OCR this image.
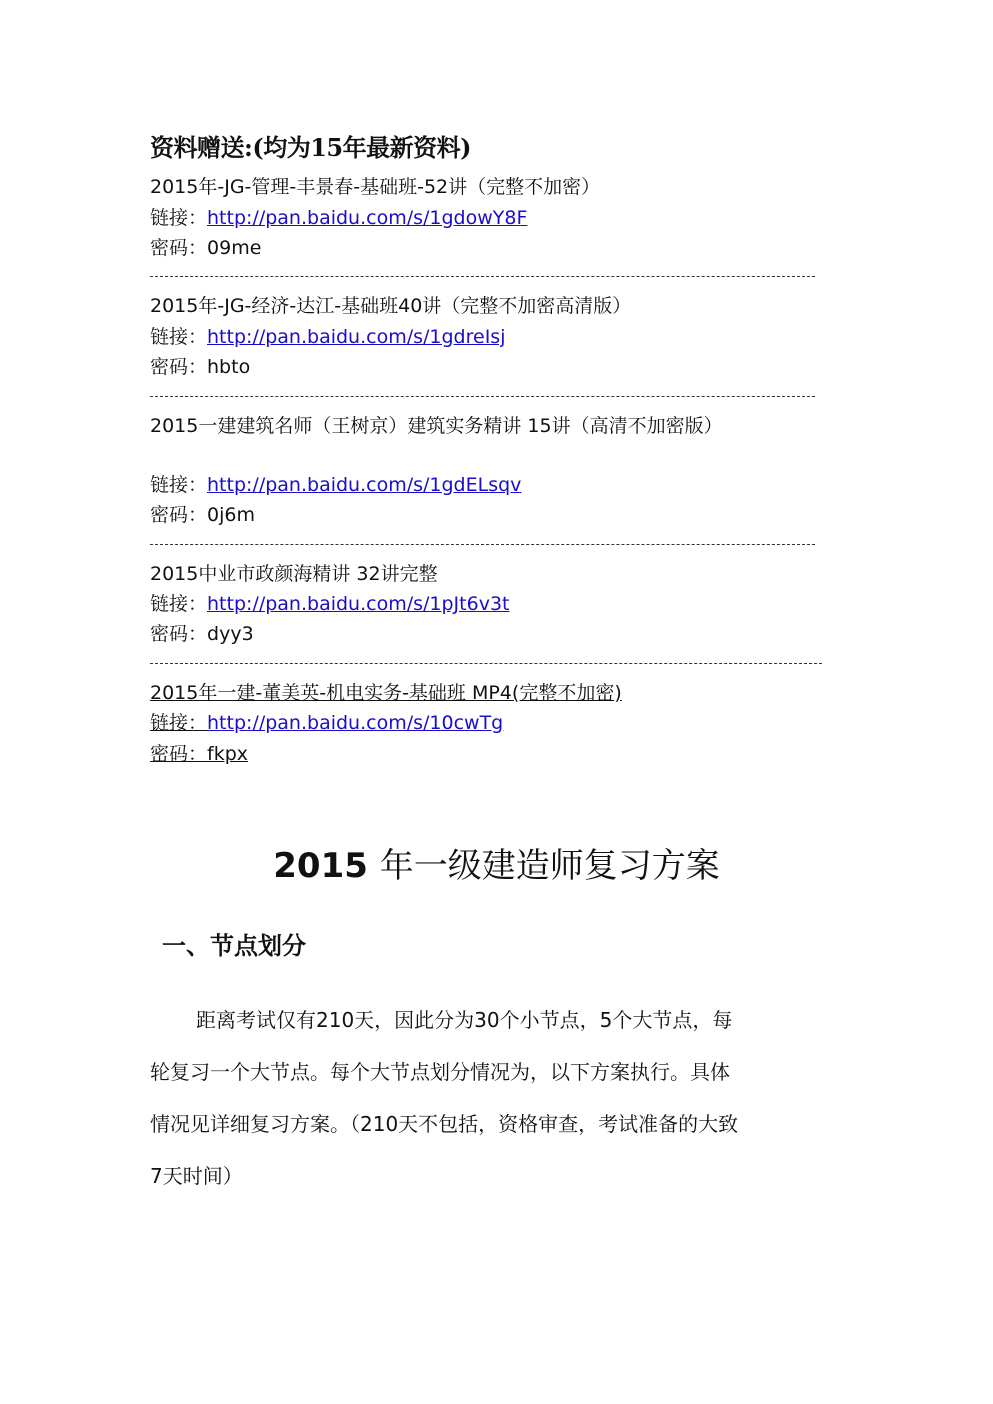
资料赠送:(均为15年最新资料)
2015年-JG-管理-丰景春-基础班-52讲（完整不加密）
链接：http://pan.baidu.com/s/1gdowY8F
密码：09me
2015年-JG-经济-达江-基础班40讲（完整不加密高清版）
链接：http://pan.baidu.com/s/1gdreIsj
密码：hbto
2015一建建筑名师（王树京）建筑实务精讲 15讲（高清不加密版）
链接：http://pan.baidu.com/s/1gdELsqv
密码：0j6m
2015中业市政颜海精讲 32讲完整
链接：http://pan.baidu.com/s/1pJt6v3t
密码：dyy3
2015年一建-董美英-机电实务-基础班 MP4(完整不加密)
链接：http://pan.baidu.com/s/10cwTg
密码：fkpx
2015 年一级建造师复习方案
一、节点划分
距离考试仅有210天，因此分为30个小节点，5个大节点，每
轮复习一个大节点。每个大节点划分情况为，以下方案执行。具体
情况见详细复习方案。（210天不包括，资格审查，考试准备的大致
7天时间）
